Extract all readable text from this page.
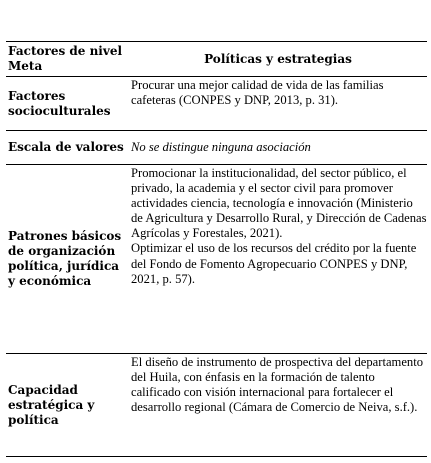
Factores de nivel Meta	Políticas y estrategias
Factores socioculturales	Procurar una mejor calidad de vida de las familias cafeteras (CONPES y DNP, 2013, p. 31).

Escala de valores	No se distingue ninguna asociación

Patrones básicos de organización política, jurídica y económica	Promocionar la institucionalidad, del sector público, el privado, la academia y el sector civil para promover actividades ciencia, tecnología e innovación (Ministerio de Agricultura y Desarrollo Rural, y Dirección de Cadenas Agrícolas y Forestales, 2021).
Optimizar el uso de los recursos del crédito por la fuente del Fondo de Fomento Agropecuario CONPES y DNP, 2021, p. 57).

Capacidad estratégica y política	El diseño de instrumento de prospectiva del departamento del Huila, con énfasis en la formación de talento calificado con visión internacional para fortalecer el desarrollo regional (Cámara de Comercio de Neiva, s.f.).
